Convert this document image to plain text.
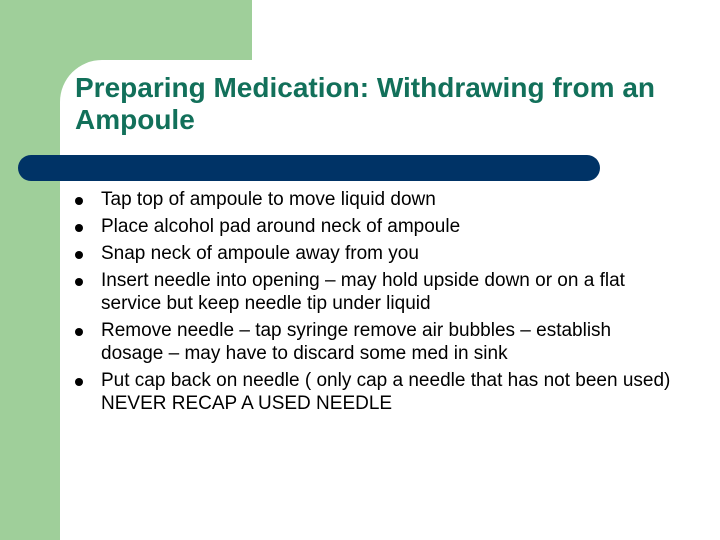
Preparing Medication: Withdrawing from an Ampoule
Tap top of ampoule to move liquid down
Place alcohol pad around neck of ampoule
Snap neck of ampoule away from you
Insert needle into opening – may hold upside down or on a flat service but keep needle tip under liquid
Remove needle – tap syringe remove air bubbles – establish dosage – may have to discard some med in sink
Put cap back on needle ( only cap a needle that has not been used) NEVER RECAP A USED NEEDLE
